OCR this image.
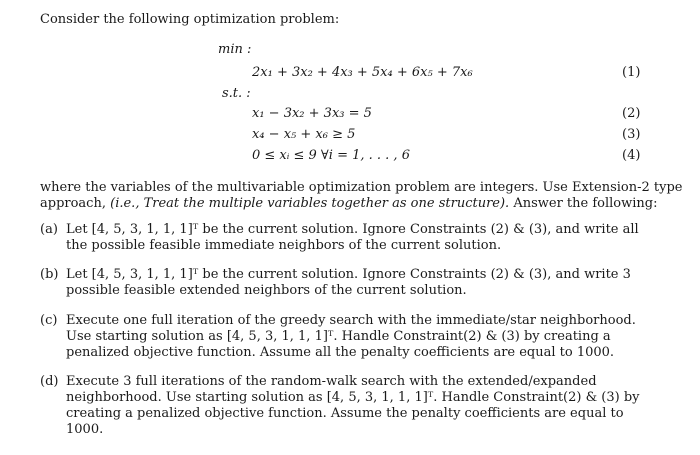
Consider the following optimization problem:
min :
2x₁ + 3x₂ + 4x₃ + 5x₄ + 6x₅ + 7x₆	(1)
s.t. :
x₁ − 3x₂ + 3x₃ = 5	(2)
x₄ − x₅ + x₆ ≥ 5	(3)
0 ≤ xᵢ ≤ 9 ∀i = 1, . . . , 6	(4)
where the variables of the multivariable optimization problem are integers. Use Extension-2 type
approach, (i.e., Treat the multiple variables together as one structure). Answer the following:
(a) Let [4, 5, 3, 1, 1, 1]ᵀ be the current solution. Ignore Constraints (2) & (3), and write all the possible feasible immediate neighbors of the current solution.
(b) Let [4, 5, 3, 1, 1, 1]ᵀ be the current solution. Ignore Constraints (2) & (3), and write 3 possible feasible extended neighbors of the current solution.
(c) Execute one full iteration of the greedy search with the immediate/star neighborhood. Use starting solution as [4, 5, 3, 1, 1, 1]ᵀ. Handle Constraint(2) & (3) by creating a penalized objective function. Assume all the penalty coefficients are equal to 1000.
(d) Execute 3 full iterations of the random-walk search with the extended/expanded neighborhood. Use starting solution as [4, 5, 3, 1, 1, 1]ᵀ. Handle Constraint(2) & (3) by creating a penalized objective function. Assume the penalty coefficients are equal to 1000.
